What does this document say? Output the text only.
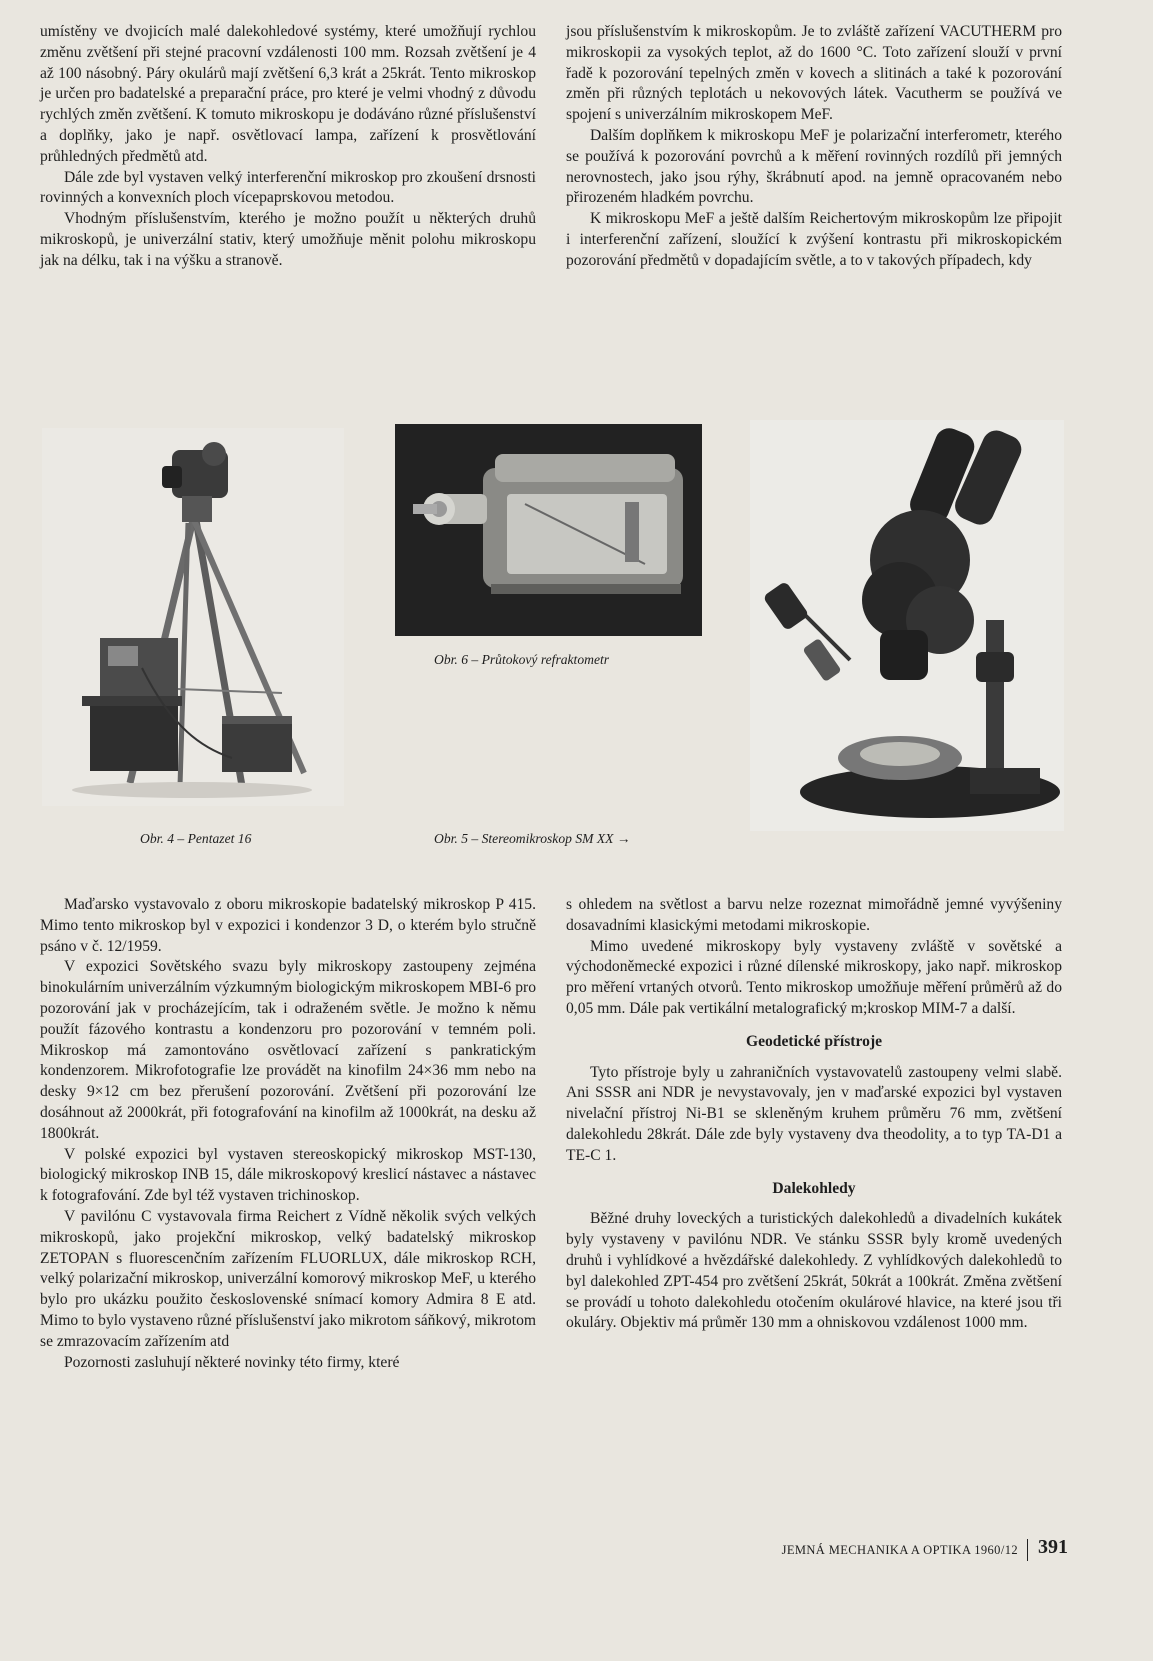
umístěny ve dvojicích malé dalekohledové systémy, které umožňují rychlou změnu zvětšení při stejné pracovní vzdálenosti 100 mm. Rozsah zvětšení je 4 až 100 násobný. Páry okulárů mají zvětšení 6,3 krát a 25krát. Tento mikroskop je určen pro badatelské a preparační práce, pro které je velmi vhodný z důvodu rychlých změn zvětšení. K tomuto mikroskopu je dodáváno různé příslušenství a doplňky, jako je např. osvětlovací lampa, zařízení k prosvětlování průhledných předmětů atd.

Dále zde byl vystaven velký interferenční mikroskop pro zkoušení drsnosti rovinných a konvexních ploch vícepaprskovou metodou.

Vhodným příslušenstvím, kterého je možno použít u některých druhů mikroskopů, je univerzální stativ, který umožňuje měnit polohu mikroskopu jak na délku, tak i na výšku a stranově.

jsou příslušenstvím k mikroskopům. Je to zvláště zařízení VACUTHERM pro mikroskopii za vysokých teplot, až do 1600 °C. Toto zařízení slouží v první řadě k pozorování tepelných změn v kovech a slitinách a také k pozorování změn při různých teplotách u nekovových látek. Vacutherm se používá ve spojení s univerzálním mikroskopem MeF.

Dalším doplňkem k mikroskopu MeF je polarizační interferometr, kterého se používá k pozorování povrchů a k měření rovinných rozdílů při jemných nerovnostech, jako jsou rýhy, škrábnutí apod. na jemně opracovaném nebo přirozeném hladkém povrchu.

K mikroskopu MeF a ještě dalším Reichertovým mikroskopům lze připojit i interferenční zařízení, sloužící k zvýšení kontrastu při mikroskopickém pozorování předmětů v dopadajícím světle, a to v takových případech, kdy

Obr. 6 – Průtokový refraktometr
Obr. 4 – Pentazet 16	Obr. 5 – Stereomikroskop SM XX →

Maďarsko vystavovalo z oboru mikroskopie badatelský mikroskop P 415. Mimo tento mikroskop byl v expozici i kondenzor 3 D, o kterém bylo stručně psáno v č. 12/1959.

V expozici Sovětského svazu byly mikroskopy zastoupeny zejména binokulárním univerzálním výzkumným biologickým mikroskopem MBI-6 pro pozorování jak v procházejícím, tak i odraženém světle. Je možno k němu použít fázového kontrastu a kondenzoru pro pozorování v temném poli. Mikroskop má zamontováno osvětlovací zařízení s pankratickým kondenzorem. Mikrofotografie lze provádět na kinofilm 24×36 mm nebo na desky 9×12 cm bez přerušení pozorování. Zvětšení při pozorování lze dosáhnout až 2000krát, při fotografování na kinofilm až 1000krát, na desku až 1800krát.

V polské expozici byl vystaven stereoskopický mikroskop MST-130, biologický mikroskop INB 15, dále mikroskopový kreslicí nástavec a nástavec k fotografování. Zde byl též vystaven trichinoskop.

V pavilónu C vystavovala firma Reichert z Vídně několik svých velkých mikroskopů, jako projekční mikroskop, velký badatelský mikroskop ZETOPAN s fluorescenčním zařízením FLUORLUX, dále mikroskop RCH, velký polarizační mikroskop, univerzální komorový mikroskop MeF, u kterého bylo pro ukázku použito československé snímací komory Admira 8 E atd. Mimo to bylo vystaveno různé příslušenství jako mikrotom sáňkový, mikrotom se zmrazovacím zařízením atd

Pozornosti zasluhují některé novinky této firmy, které

s ohledem na světlost a barvu nelze rozeznat mimořádně jemné vyvýšeniny dosavadními klasickými metodami mikroskopie.

Mimo uvedené mikroskopy byly vystaveny zvláště v sovětské a východoněmecké expozici i různé dílenské mikroskopy, jako např. mikroskop pro měření vrtaných otvorů. Tento mikroskop umožňuje měření průměrů až do 0,05 mm. Dále pak vertikální metalografický m;kroskop MIM-7 a další.

Geodetické přístroje

Tyto přístroje byly u zahraničních vystavovatelů zastoupeny velmi slabě. Ani SSSR ani NDR je nevystavovaly, jen v maďarské expozici byl vystaven nivelační přístroj Ni-B1 se skleněným kruhem průměru 76 mm, zvětšení dalekohledu 28krát. Dále zde byly vystaveny dva theodolity, a to typ TA-D1 a TE-C 1.

Dalekohledy

Běžné druhy loveckých a turistických dalekohledů a divadelních kukátek byly vystaveny v pavilónu NDR. Ve stánku SSSR byly kromě uvedených druhů i vyhlídkové a hvězdářské dalekohledy. Z vyhlídkových dalekohledů to byl dalekohled ZPT-454 pro zvětšení 25krát, 50krát a 100krát. Změna zvětšení se provádí u tohoto dalekohledu otočením okulárové hlavice, na které jsou tři okuláry. Objektiv má průměr 130 mm a ohniskovou vzdálenost 1000 mm.

JEMNÁ MECHANIKA A OPTIKA 1960/12 391
